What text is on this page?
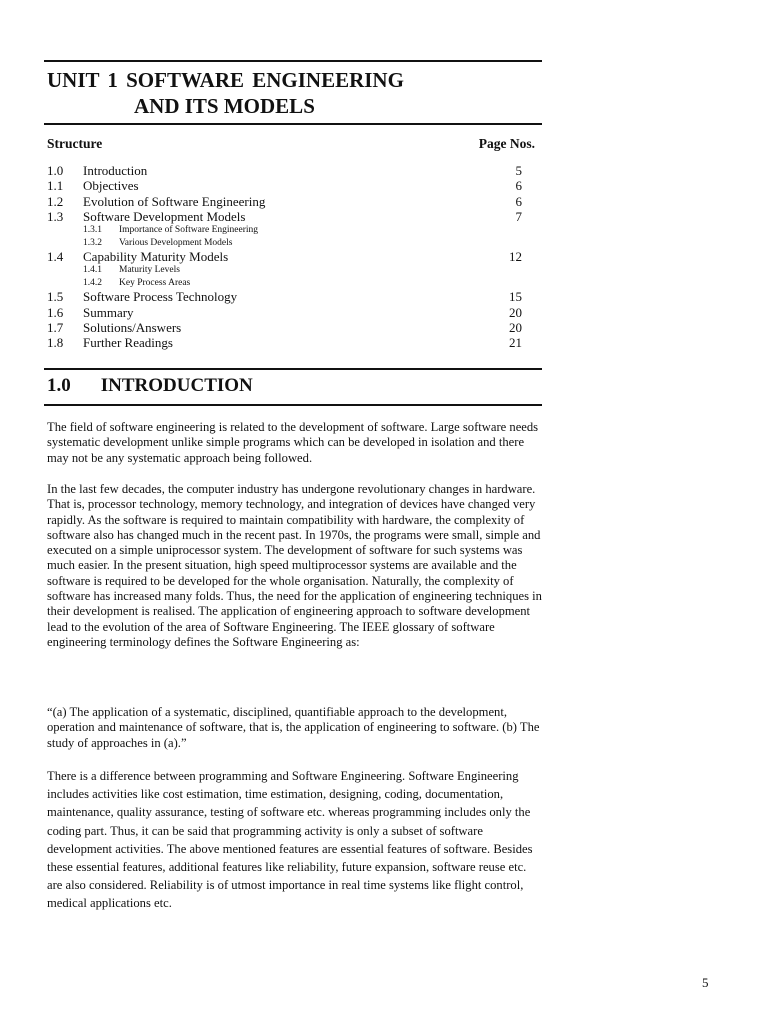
UNIT 1 SOFTWARE ENGINEERING
AND ITS MODELS
Structure	Page Nos.
1.0 Introduction	5
1.1 Objectives	6
1.2 Evolution of Software Engineering	6
1.3 Software Development Models	7
1.3.1 Importance of Software Engineering
1.3.2 Various Development Models
1.4 Capability Maturity Models	12
1.4.1 Maturity Levels
1.4.2 Key Process Areas
1.5 Software Process Technology	15
1.6 Summary	20
1.7 Solutions/Answers	20
1.8 Further Readings	21
1.0 INTRODUCTION
The field of software engineering is related to the development of software. Large software needs systematic development unlike simple programs which can be developed in isolation and there may not be any systematic approach being followed.
In the last few decades, the computer industry has undergone revolutionary changes in hardware. That is, processor technology, memory technology, and integration of devices have changed very rapidly. As the software is required to maintain compatibility with hardware, the complexity of software also has changed much in the recent past. In 1970s, the programs were small, simple and executed on a simple uniprocessor system. The development of software for such systems was much easier. In the present situation, high speed multiprocessor systems are available and the software is required to be developed for the whole organisation. Naturally, the complexity of software has increased many folds. Thus, the need for the application of engineering techniques in their development is realised. The application of engineering approach to software development lead to the evolution of the area of Software Engineering. The IEEE glossary of software engineering terminology defines the Software Engineering as:
“(a) The application of a systematic, disciplined, quantifiable approach to the development, operation and maintenance of software, that is, the application of engineering to software. (b) The study of approaches in (a).”
There is a difference between programming and Software Engineering. Software Engineering includes activities like cost estimation, time estimation, designing, coding, documentation, maintenance, quality assurance, testing of software etc. whereas programming includes only the coding part. Thus, it can be said that programming activity is only a subset of software development activities. The above mentioned features are essential features of software. Besides these essential features, additional features like reliability, future expansion, software reuse etc. are also considered. Reliability is of utmost importance in real time systems like flight control, medical applications etc.
5
